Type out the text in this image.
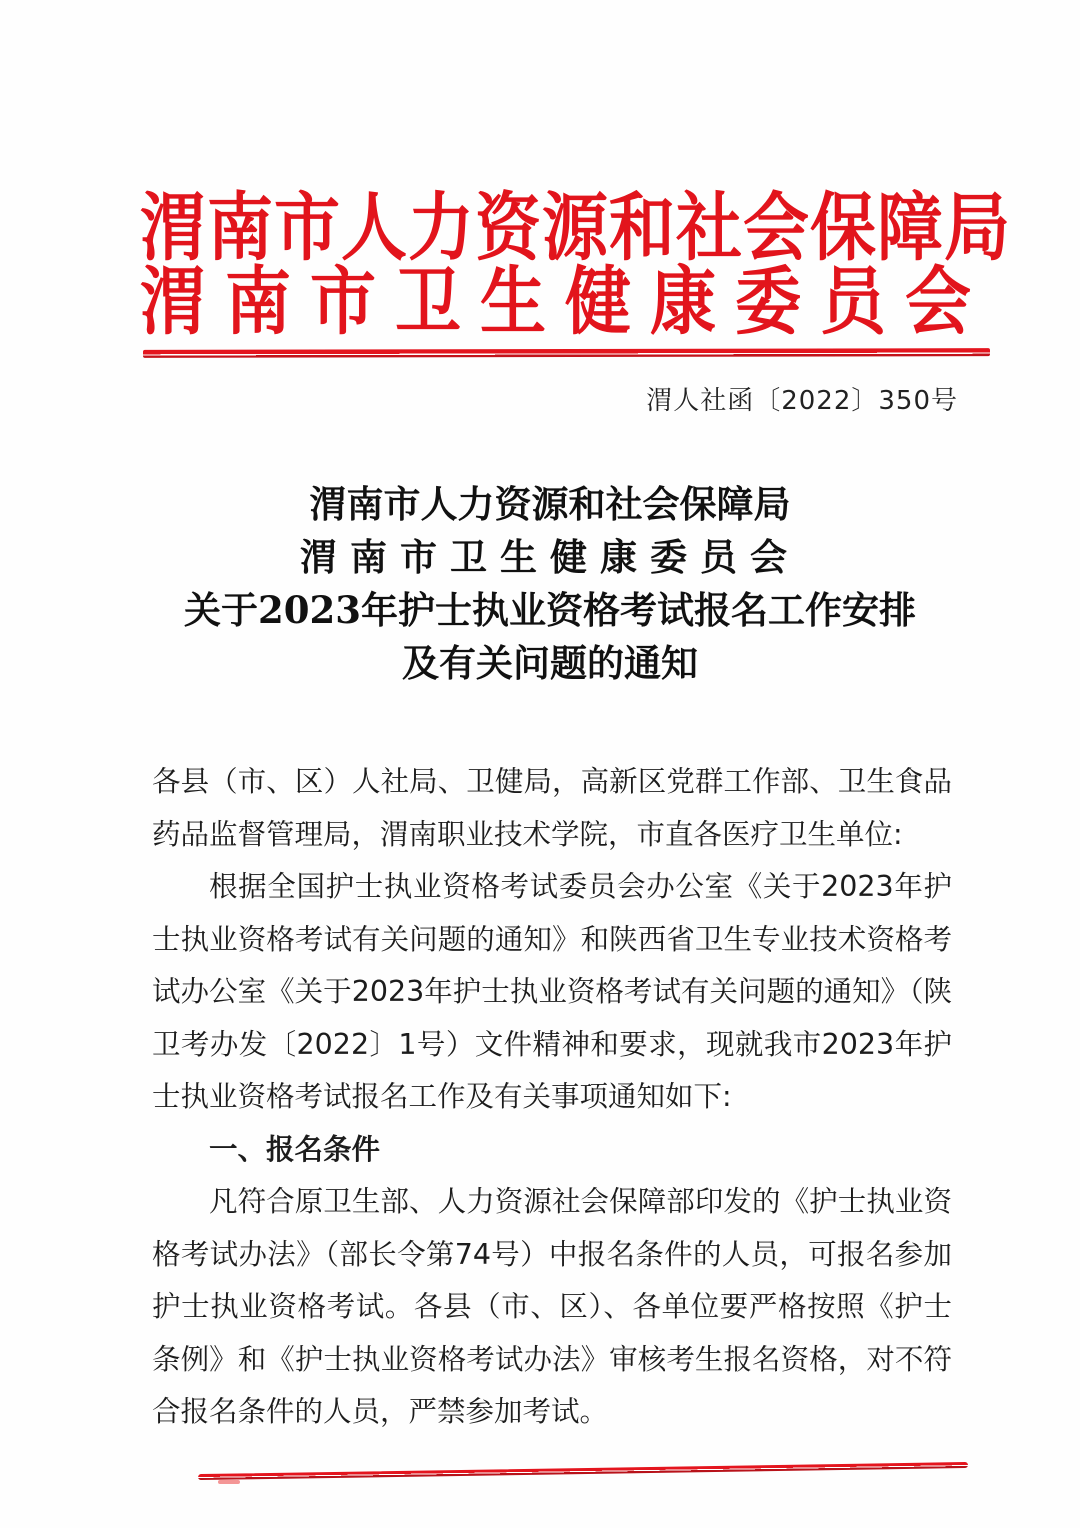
渭南市人力资源和社会保障局
渭南市卫生健康委员会
渭人社函〔2022〕350号
渭南市人力资源和社会保障局
渭南市卫生健康委员会
关于2023年护士执业资格考试报名工作安排
及有关问题的通知

各县（市、区）人社局、卫健局，高新区党群工作部、卫生食品药品监督管理局，渭南职业技术学院，市直各医疗卫生单位:

根据全国护士执业资格考试委员会办公室《关于2023年护士执业资格考试有关问题的通知》和陕西省卫生专业技术资格考试办公室《关于2023年护士执业资格考试有关问题的通知》（陕卫考办发〔2022〕1号）文件精神和要求，现就我市2023年护士执业资格考试报名工作及有关事项通知如下:

一、报名条件

凡符合原卫生部、人力资源社会保障部印发的《护士执业资格考试办法》（部长令第74号）中报名条件的人员，可报名参加护士执业资格考试。各县（市、区）、各单位要严格按照《护士条例》和《护士执业资格考试办法》审核考生报名资格，对不符合报名条件的人员，严禁参加考试。
